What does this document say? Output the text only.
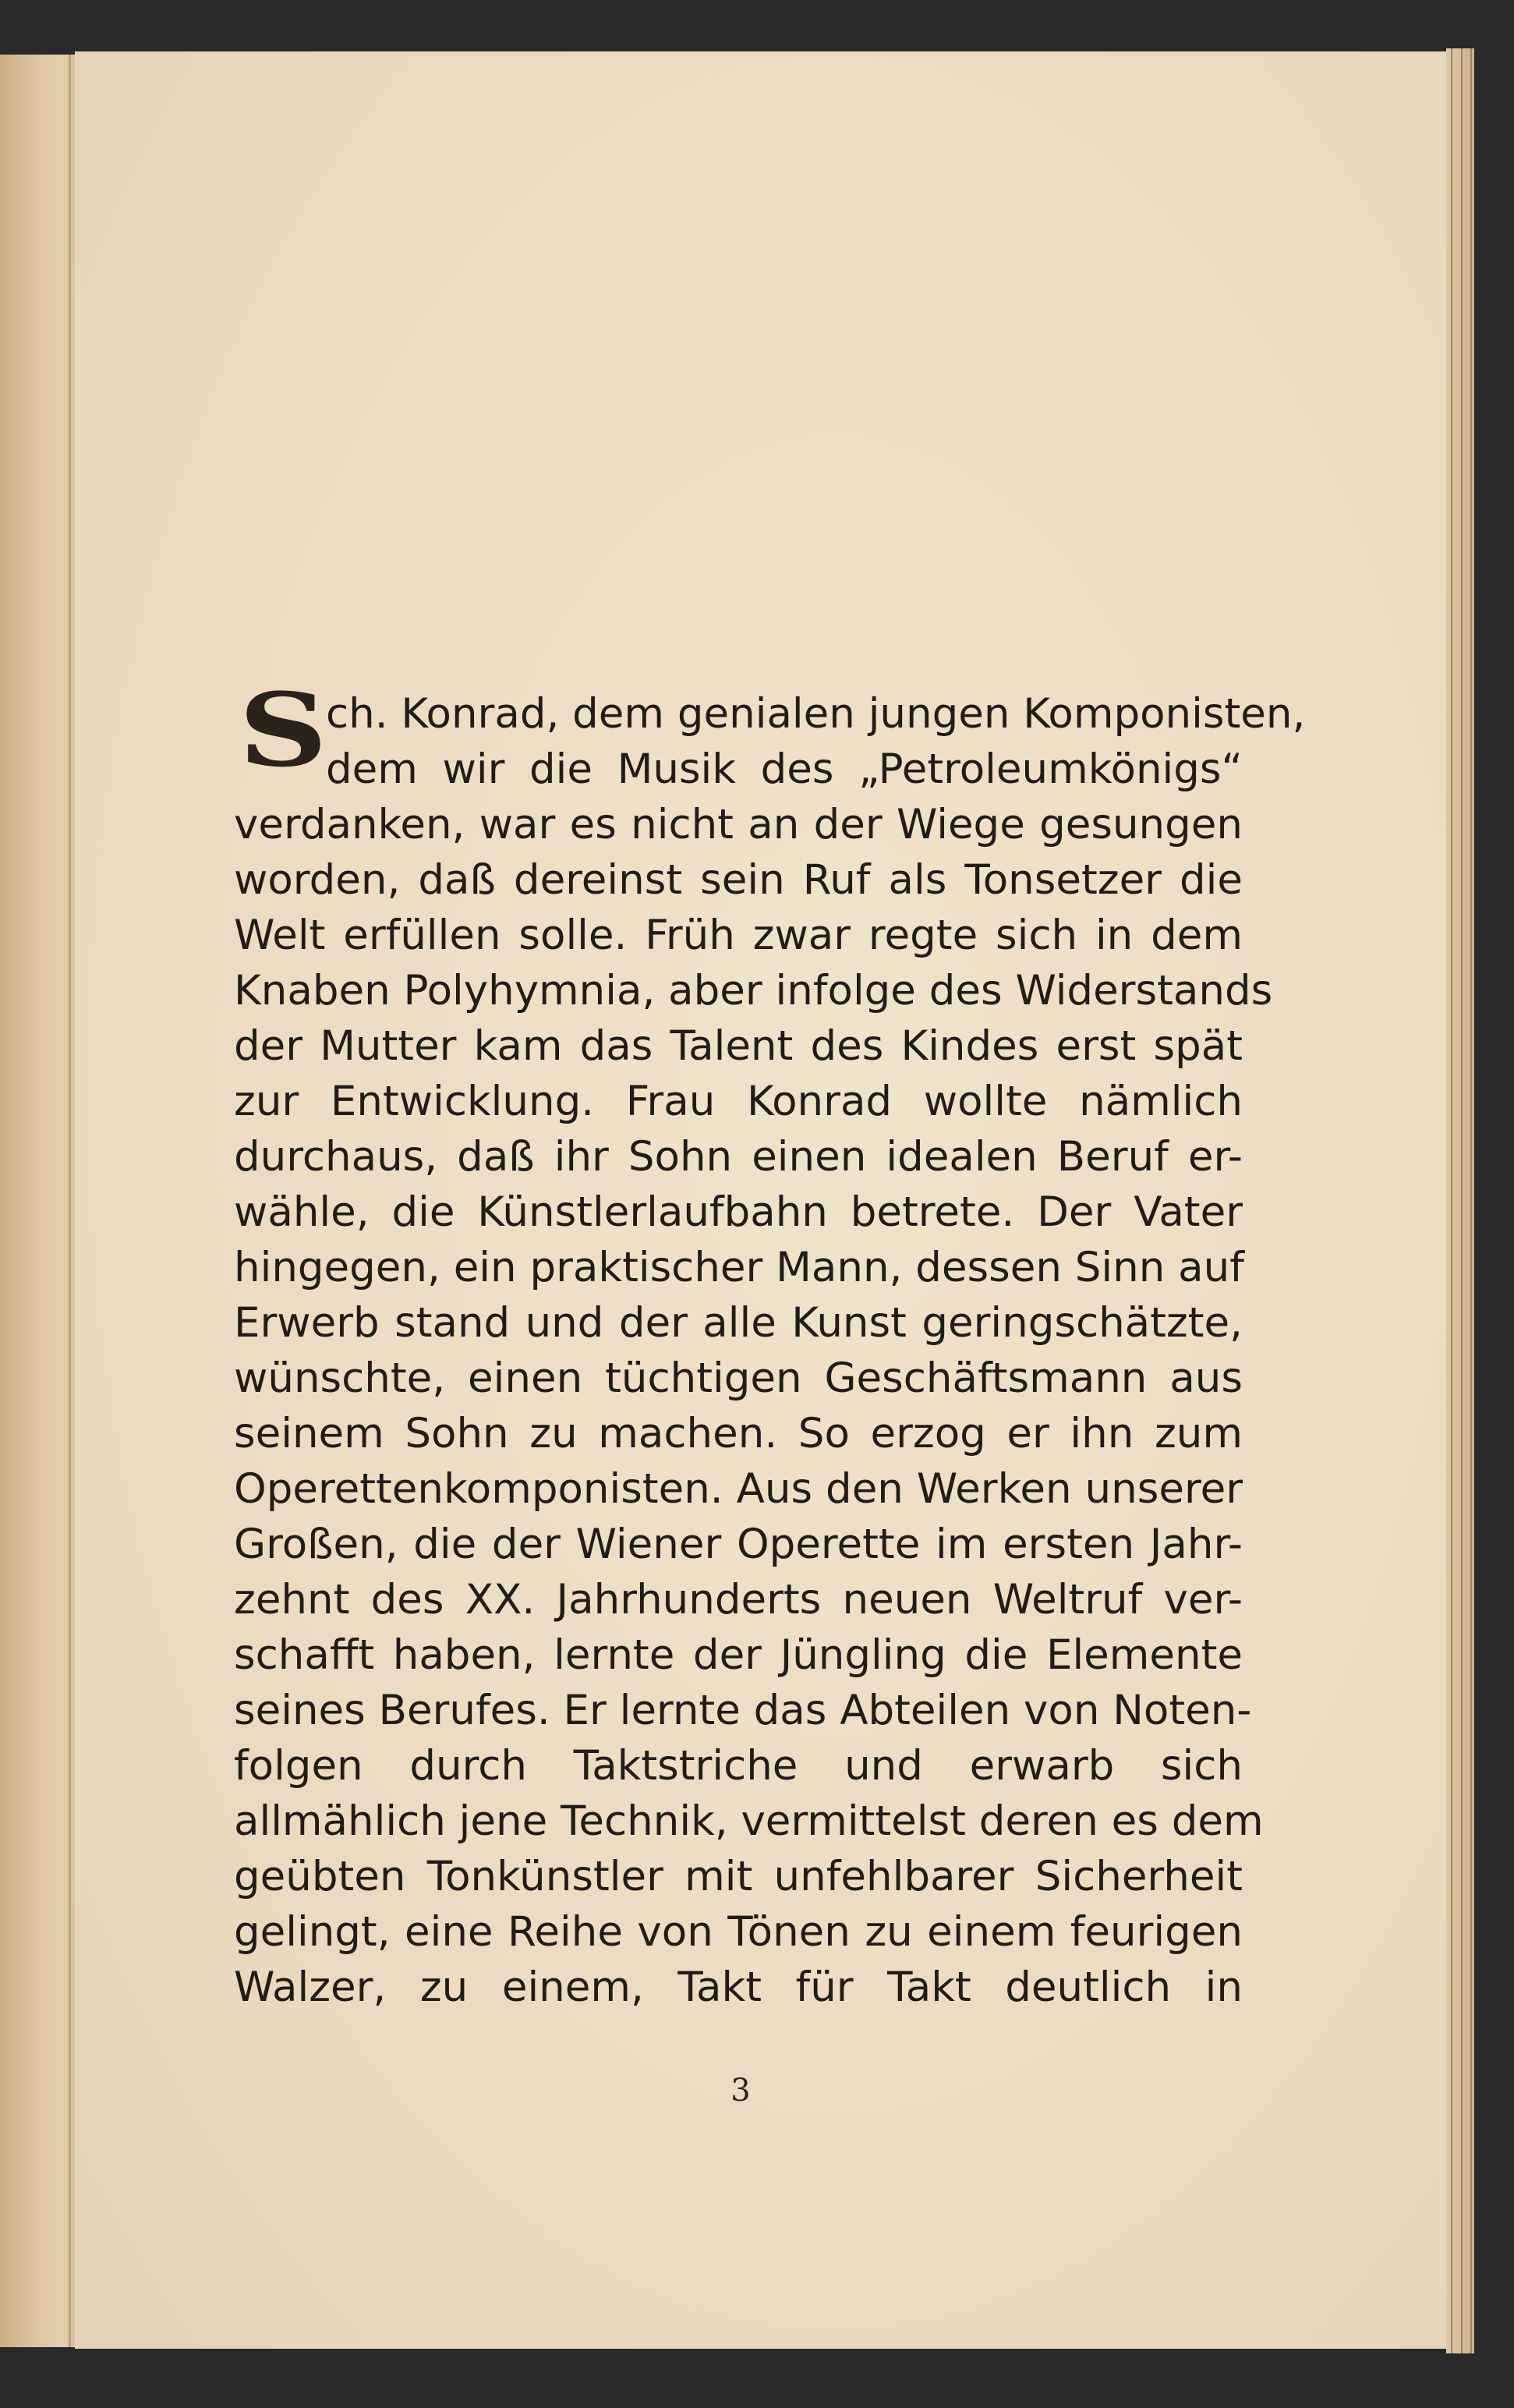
S
ch. Konrad, dem genialen jungen Komponisten,
dem wir die Musik des „Petroleumkönigs“
verdanken, war es nicht an der Wiege gesungen
worden, daß dereinst sein Ruf als Tonsetzer die
Welt erfüllen solle. Früh zwar regte sich in dem
Knaben Polyhymnia, aber infolge des Widerstands
der Mutter kam das Talent des Kindes erst spät
zur Entwicklung. Frau Konrad wollte nämlich
durchaus, daß ihr Sohn einen idealen Beruf er-
wähle, die Künstlerlaufbahn betrete. Der Vater
hingegen, ein praktischer Mann, dessen Sinn auf
Erwerb stand und der alle Kunst geringschätzte,
wünschte, einen tüchtigen Geschäftsmann aus
seinem Sohn zu machen. So erzog er ihn zum
Operettenkomponisten. Aus den Werken unserer
Großen, die der Wiener Operette im ersten Jahr-
zehnt des XX. Jahrhunderts neuen Weltruf ver-
schafft haben, lernte der Jüngling die Elemente
seines Berufes. Er lernte das Abteilen von Noten-
folgen durch Taktstriche und erwarb sich
allmählich jene Technik, vermittelst deren es dem
geübten Tonkünstler mit unfehlbarer Sicherheit
gelingt, eine Reihe von Tönen zu einem feurigen
Walzer, zu einem, Takt für Takt deutlich in
3
